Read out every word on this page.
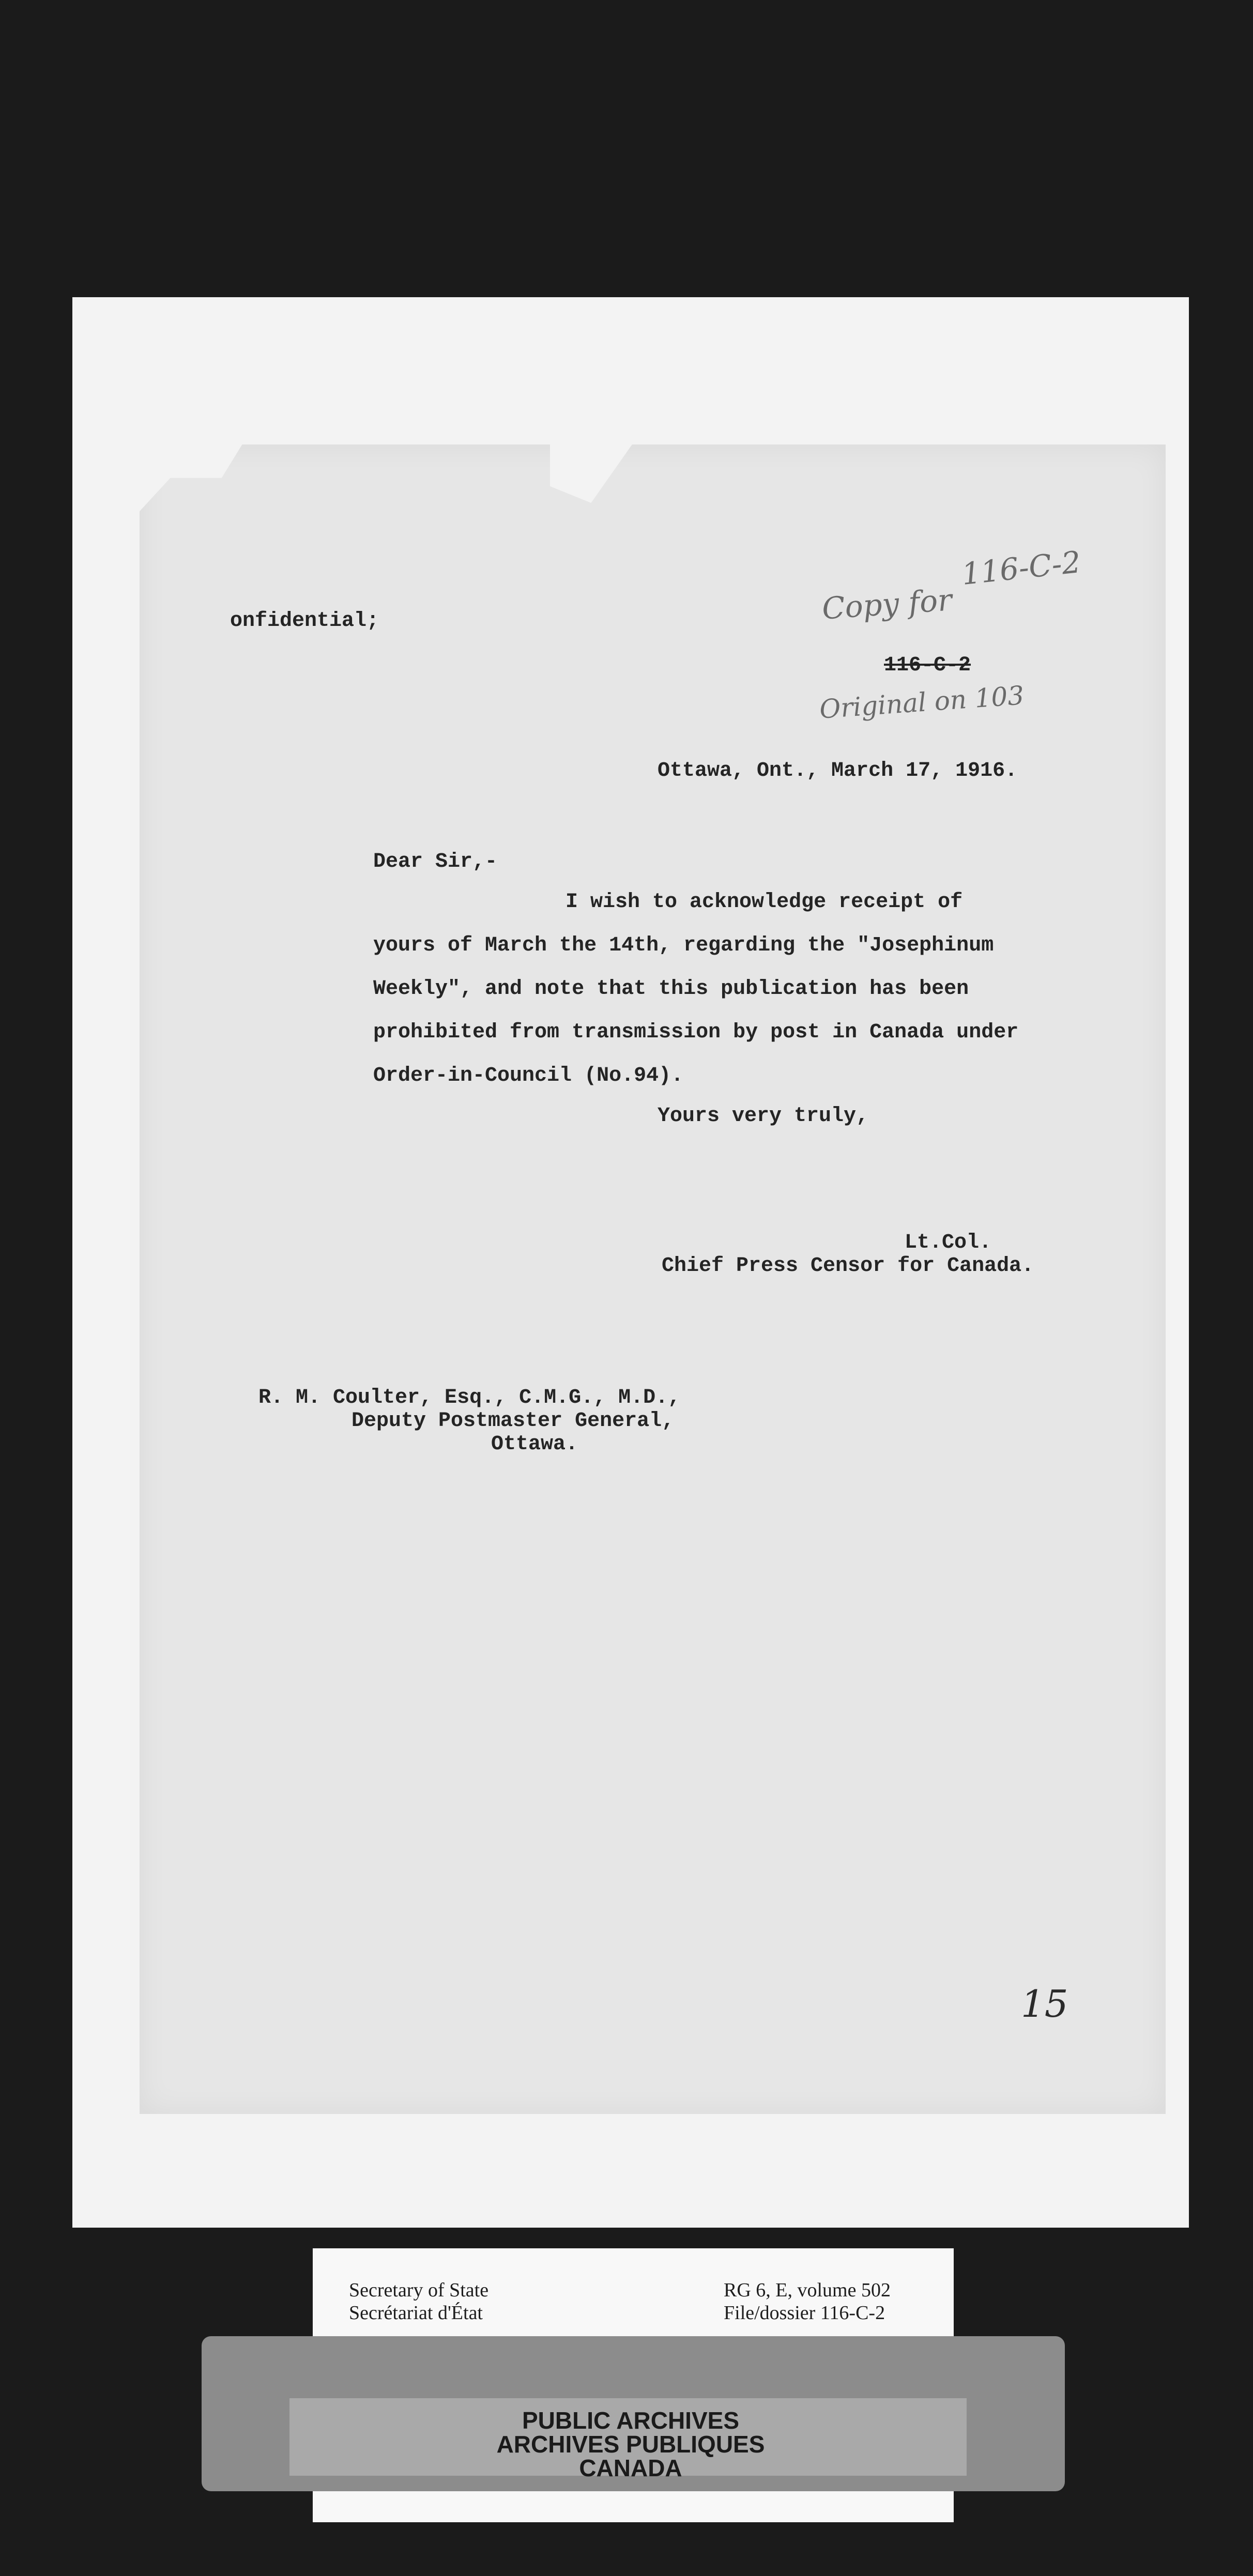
onfidential;
Ottawa, Ont., March 17, 1916.
Dear Sir,-
I wish to acknowledge receipt of
yours of March the 14th, regarding the "Josephinum
Weekly", and note that this publication has been
prohibited from transmission by post in Canada under
Order-in-Council (No.94).
Yours very truly,
Lt.Col.
Chief Press Censor for Canada.
R. M. Coulter, Esq., C.M.G., M.D.,
Deputy Postmaster General,
Ottawa.
Copy for
116-C-2
116-C-2
Original on 103
15
Secretary of State
Secrétariat d'État
RG 6, E, volume 502
File/dossier 116-C-2
PUBLIC ARCHIVES
ARCHIVES PUBLIQUES
CANADA
